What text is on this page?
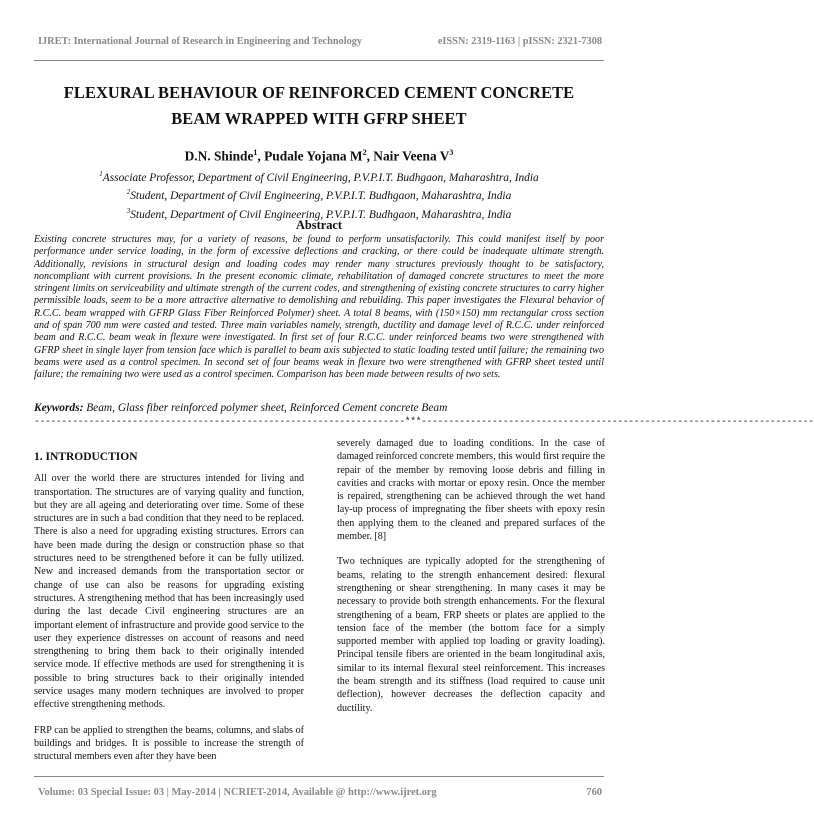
IJRET: International Journal of Research in Engineering and Technology	eISSN: 2319-1163 | pISSN: 2321-7308
FLEXURAL BEHAVIOUR OF REINFORCED CEMENT CONCRETE
BEAM WRAPPED WITH GFRP SHEET
D.N. Shinde$^1$, Pudale Yojana $M^2$, Nair Veena $V^3$
$^1$Associate Professor, Department of Civil Engineering, P.V.P.I.T. Budhgaon, Maharashtra, India
$^2$Student, Department of Civil Engineering, P.V.P.I.T. Budhgaon, Maharashtra, India
$^3$Student, Department of Civil Engineering, P.V.P.I.T. Budhgaon, Maharashtra, India
Abstract

Existing concrete structures may, for a variety of reasons, be found to perform unsatisfactorily. This could manifest itself by poor performance under service loading, in the form of excessive deflections and cracking, or there could be inadequate ultimate strength. Additionally, revisions in structural design and loading codes may render many structures previously thought to be satisfactory, noncompliant with current provisions. In the present economic climate, rehabilitation of damaged concrete structures to meet the more stringent limits on serviceability and ultimate strength of the current codes, and strengthening of existing concrete structures to carry higher permissible loads, seem to be a more attractive alternative to demolishing and rebuilding. This paper investigates the Flexural behavior of R.C.C. beam wrapped with GFRP Glass Fiber Reinforced Polymer) sheet. A total 8 beams, with (150×150) mm rectangular cross section and of span 700 mm were casted and tested. Three main variables namely, strength, ductility and damage level of R.C.C. under reinforced beam and R.C.C. beam weak in flexure were investigated. In first set of four R.C.C. under reinforced beams two were strengthened with GFRP sheet in single layer from tension face which is parallel to beam axis subjected to static loading tested until failure; the remaining two beams were used as a control specimen. In second set of four beams weak in flexure two were strengthened with GFRP sheet tested until failure; the remaining two were used as a control specimen. Comparison has been made between results of two sets.

Keywords: Beam, Glass fiber reinforced polymer sheet, Reinforced Cement concrete Beam
--------------------------------------------------------------------***------------------------------------------------------------------------
1. INTRODUCTION

All over the world there are structures intended for living and transportation. The structures are of varying quality and function, but they are all ageing and deteriorating over time. Some of these structures are in such a bad condition that they need to be replaced. There is also a need for upgrading existing structures. Errors can have been made during the design or construction phase so that structures need to be strengthened before it can be fully utilized. New and increased demands from the transportation sector or change of use can also be reasons for upgrading existing structures. A strengthening method that has been increasingly used during the last decade Civil engineering structures are an important element of infrastructure and provide good service to the user they experience distresses on account of reasons and need strengthening to bring them back to their originally intended service mode. If effective methods are used for strengthening it is possible to bring structures back to their originally intended service usages many modern techniques are involved to proper effective strengthening methods.

FRP can be applied to strengthen the beams, columns, and slabs of buildings and bridges. It is possible to increase the strength of structural members even after they have been

severely damaged due to loading conditions. In the case of damaged reinforced concrete members, this would first require the repair of the member by removing loose debris and filling in cavities and cracks with mortar or epoxy resin. Once the member is repaired, strengthening can be achieved through the wet hand lay-up process of impregnating the fiber sheets with epoxy resin then applying them to the cleaned and prepared surfaces of the member. [8]

Two techniques are typically adopted for the strengthening of beams, relating to the strength enhancement desired: flexural strengthening or shear strengthening. In many cases it may be necessary to provide both strength enhancements. For the flexural strengthening of a beam, FRP sheets or plates are applied to the tension face of the member (the bottom face for a simply supported member with applied top loading or gravity loading). Principal tensile fibers are oriented in the beam longitudinal axis, similar to its internal flexural steel reinforcement. This increases the beam strength and its stiffness (load required to cause unit deflection), however decreases the deflection capacity and ductility.

Volume: 03 Special Issue: 03 | May-2014 | NCRIET-2014, Available @ http://www.ijret.org	760
